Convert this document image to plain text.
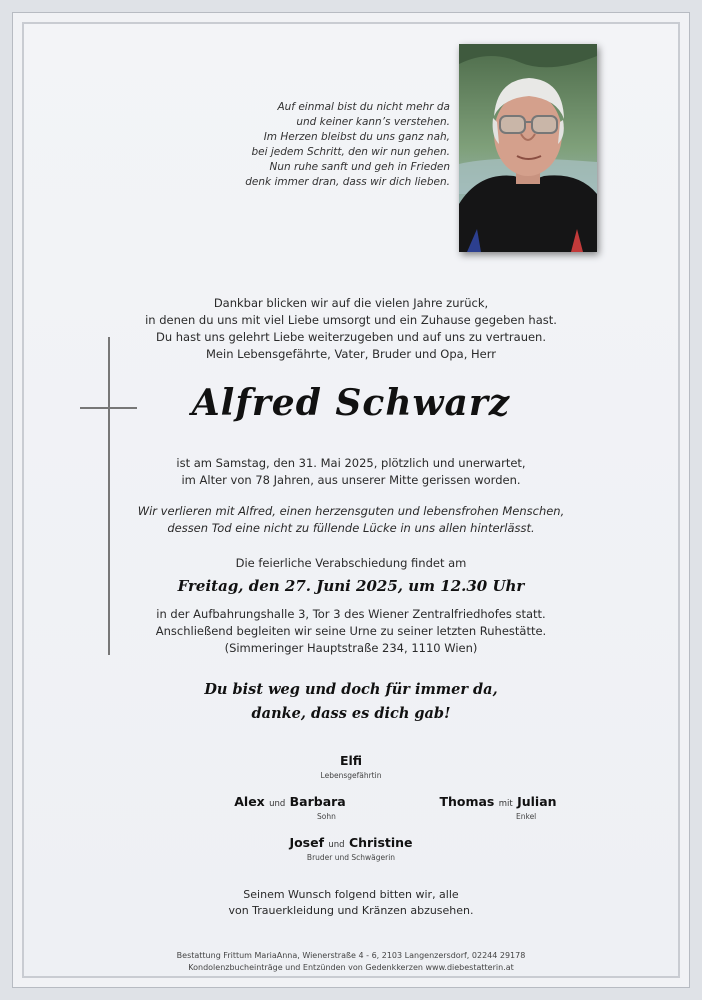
Auf einmal bist du nicht mehr da
und keiner kann’s verstehen.
Im Herzen bleibst du uns ganz nah,
bei jedem Schritt, den wir nun gehen.
Nun ruhe sanft und geh in Frieden
denk immer dran, dass wir dich lieben.
Dankbar blicken wir auf die vielen Jahre zurück,
in denen du uns mit viel Liebe umsorgt und ein Zuhause gegeben hast.
Du hast uns gelehrt Liebe weiterzugeben und auf uns zu vertrauen.
Mein Lebensgefährte, Vater, Bruder und Opa, Herr
Alfred Schwarz
ist am Samstag, den 31. Mai 2025, plötzlich und unerwartet,
im Alter von 78 Jahren, aus unserer Mitte gerissen worden.
Wir verlieren mit Alfred, einen herzensguten und lebensfrohen Menschen,
dessen Tod eine nicht zu füllende Lücke in uns allen hinterlässt.
Die feierliche Verabschiedung findet am
Freitag, den 27. Juni 2025, um 12.30 Uhr
in der Aufbahrungshalle 3, Tor 3 des Wiener Zentralfriedhofes statt.
Anschließend begleiten wir seine Urne zu seiner letzten Ruhestätte.
(Simmeringer Hauptstraße 234, 1110 Wien)
Du bist weg und doch für immer da,
danke, dass es dich gab!
Elfi
Lebensgefährtin
Alex und Barbara
Sohn
Thomas mit Julian
Enkel
Josef und Christine
Bruder und Schwägerin
Seinem Wunsch folgend bitten wir, alle
von Trauerkleidung und Kränzen abzusehen.
Bestattung Frittum MariaAnna, Wienerstraße 4 - 6, 2103 Langenzersdorf, 02244 29178
Kondolenzbucheinträge und Entzünden von Gedenkkerzen www.diebestatterin.at
